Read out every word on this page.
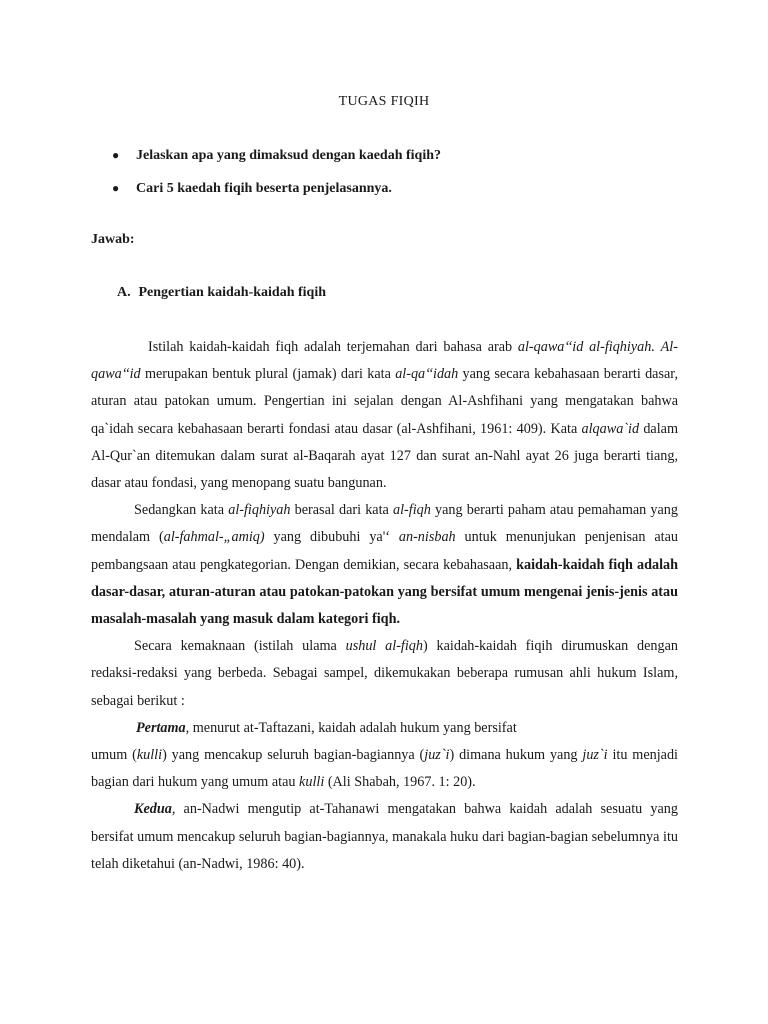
TUGAS FIQIH
●	Jelaskan apa yang dimaksud dengan kaedah fiqih?
●	Cari 5 kaedah fiqih beserta penjelasannya.
Jawab:
A. Pengertian kaidah-kaidah fiqih

Istilah kaidah-kaidah fiqh adalah terjemahan dari bahasa arab al-qawa‘‘id al-fiqhiyah. Al-qawa‘‘id merupakan bentuk plural (jamak) dari kata al-qa‘‘idah yang secara kebahasaan berarti dasar, aturan atau patokan umum. Pengertian ini sejalan dengan Al-Ashfihani yang mengatakan bahwa qa`idah secara kebahasaan berarti fondasi atau dasar (al-Ashfihani, 1961: 409). Kata alqawa`id dalam Al-Qur`an ditemukan dalam surat al-Baqarah ayat 127 dan surat an-Nahl ayat 26 juga berarti tiang, dasar atau fondasi, yang menopang suatu bangunan.

Sedangkan kata al-fiqhiyah berasal dari kata al-fiqh yang berarti paham atau pemahaman yang mendalam (al-fahmal-„amiq) yang dibubuhi ya'‘ an-nisbah untuk menunjukan penjenisan atau pembangsaan atau pengkategorian. Dengan demikian, secara kebahasaan, kaidah-kaidah fiqh adalah dasar-dasar, aturan-aturan atau patokan-patokan yang bersifat umum mengenai jenis-jenis atau masalah-masalah yang masuk dalam kategori fiqh.

Secara kemaknaan (istilah ulama ushul al-fiqh) kaidah-kaidah fiqih dirumuskan dengan redaksi-redaksi yang berbeda. Sebagai sampel, dikemukakan beberapa rumusan ahli hukum Islam, sebagai berikut :

Pertama, menurut at-Taftazani, kaidah adalah hukum yang bersifat

umum (kulli) yang mencakup seluruh bagian-bagiannya (juz`i) dimana hukum yang juz`i itu menjadi bagian dari hukum yang umum atau kulli (Ali Shabah, 1967. 1: 20).

Kedua, an-Nadwi mengutip at-Tahanawi mengatakan bahwa kaidah adalah sesuatu yang bersifat umum mencakup seluruh bagian-bagiannya, manakala huku dari bagian-bagian sebelumnya itu telah diketahui (an-Nadwi, 1986: 40).
